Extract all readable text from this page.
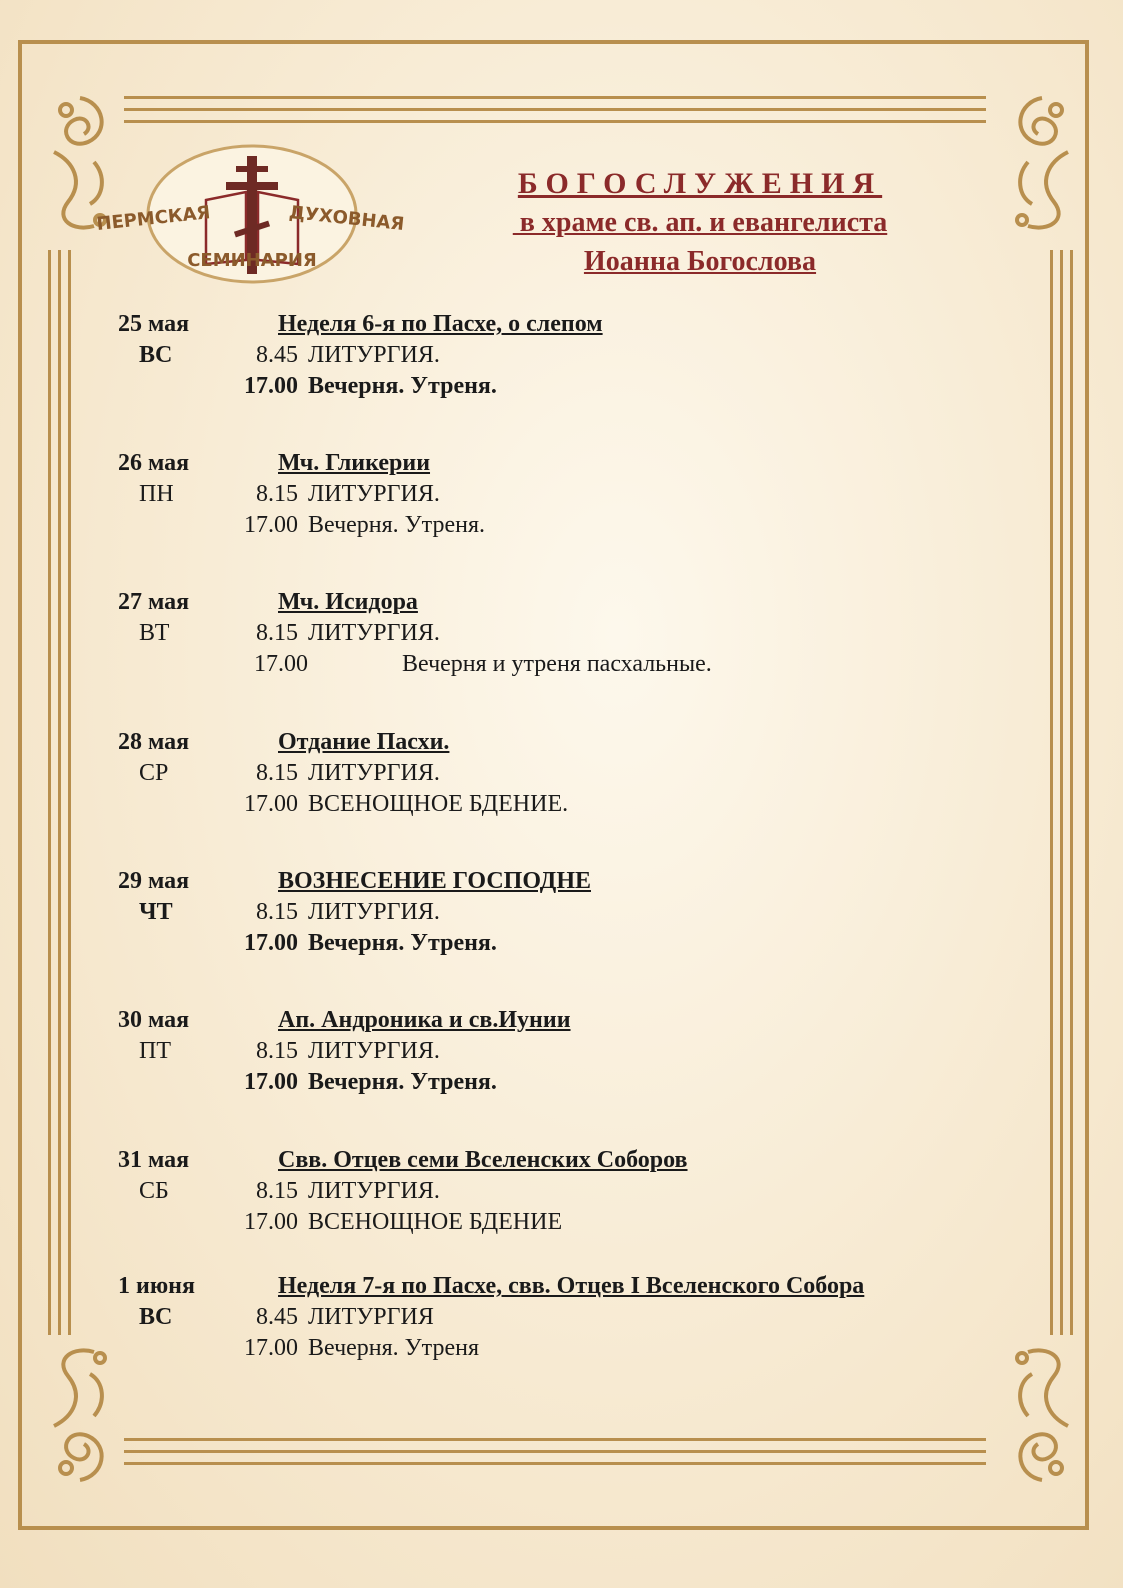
ПЕРМСКАЯ	ДУХОВНАЯ
СЕМИНАРИЯ
БОГОСЛУЖЕНИЯ
в храме св. ап. и евангелиста
Иоанна Богослова
25 мая
ВС
Неделя 6-я по Пасхе, о слепом
8.45 ЛИТУРГИЯ.
17.00 Вечерня. Утреня.
26 мая
ПН
Мч. Гликерии
8.15 ЛИТУРГИЯ.
17.00 Вечерня. Утреня.
27 мая
ВТ
Мч. Исидора
8.15 ЛИТУРГИЯ.
17.00	Вечерня и утреня пасхальные.
28 мая
СР
Отдание Пасхи.
8.15 ЛИТУРГИЯ.
17.00 ВСЕНОЩНОЕ БДЕНИЕ.
29 мая
ЧТ
ВОЗНЕСЕНИЕ ГОСПОДНЕ
8.15 ЛИТУРГИЯ.
17.00 Вечерня. Утреня.
30 мая
ПТ
Ап. Андроника и св.Иунии
8.15 ЛИТУРГИЯ.
17.00 Вечерня. Утреня.
31 мая
СБ
Свв. Отцев семи Вселенских Соборов
8.15 ЛИТУРГИЯ.
17.00 ВСЕНОЩНОЕ БДЕНИЕ
1 июня
ВС
Неделя 7-я по Пасхе, свв. Отцев I Вселенского Собора
8.45 ЛИТУРГИЯ
17.00 Вечерня. Утреня
